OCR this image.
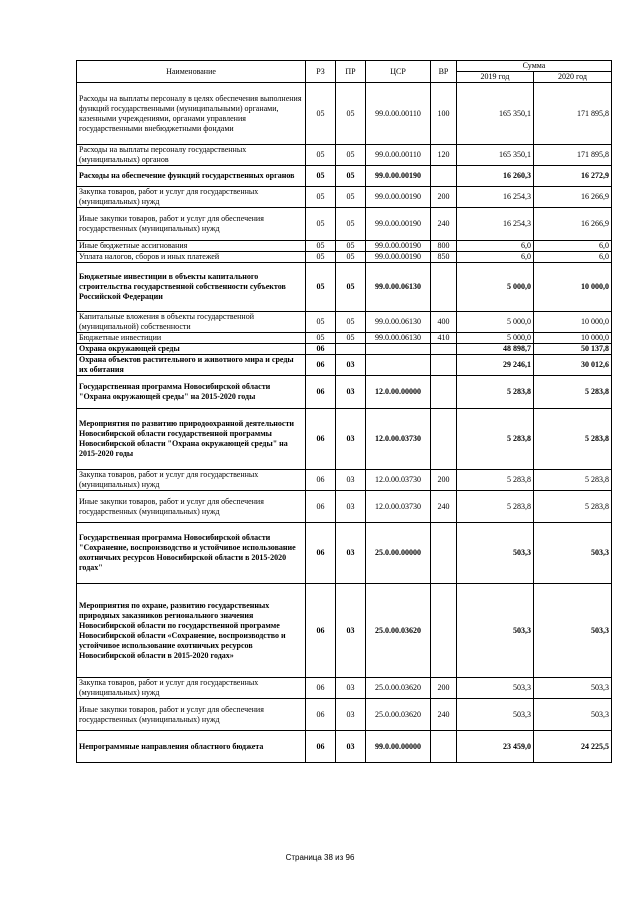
Наименование	РЗ	ПР	ЦСР	ВР	Сумма	
					2019 год	2020 год
Расходы на выплаты персоналу в целях обеспечения выполнения функций государственными (муниципальными) органами, казенными учреждениями, органами управления государственными внебюджетными фондами	05	05	99.0.00.00110	100	165 350,1	171 895,8
Расходы на выплаты персоналу государственных (муниципальных) органов	05	05	99.0.00.00110	120	165 350,1	171 895,8
Расходы на обеспечение функций государственных органов	05	05	99.0.00.00190		16 260,3	16 272,9
Закупка товаров, работ и услуг для государственных (муниципальных) нужд	05	05	99.0.00.00190	200	16 254,3	16 266,9
Иные закупки товаров, работ и услуг для обеспечения государственных (муниципальных) нужд	05	05	99.0.00.00190	240	16 254,3	16 266,9
Иные бюджетные ассигнования	05	05	99.0.00.00190	800	6,0	6,0
Уплата налогов, сборов и иных платежей	05	05	99.0.00.00190	850	6,0	6,0
Бюджетные инвестиции в объекты капитального строительства государственной собственности субъектов Российской Федерации	05	05	99.0.00.06130		5 000,0	10 000,0
Капитальные вложения в объекты государственной (муниципальной) собственности	05	05	99.0.00.06130	400	5 000,0	10 000,0
Бюджетные инвестиции	05	05	99.0.00.06130	410	5 000,0	10 000,0
Охрана окружающей среды	06				48 898,7	50 137,8
Охрана объектов растительного и животного мира и среды их обитания	06	03			29 246,1	30 012,6
Государственная программа Новосибирской области "Охрана окружающей среды" на 2015-2020 годы	06	03	12.0.00.00000		5 283,8	5 283,8
Мероприятия по развитию природоохранной деятельности Новосибирской области государственной программы Новосибирской области "Охрана окружающей среды" на 2015-2020 годы	06	03	12.0.00.03730		5 283,8	5 283,8
Закупка товаров, работ и услуг для государственных (муниципальных) нужд	06	03	12.0.00.03730	200	5 283,8	5 283,8
Иные закупки товаров, работ и услуг для обеспечения государственных (муниципальных) нужд	06	03	12.0.00.03730	240	5 283,8	5 283,8
Государственная программа Новосибирской области "Сохранение, воспроизводство и устойчивое использование охотничьих ресурсов Новосибирской области в 2015-2020 годах"	06	03	25.0.00.00000		503,3	503,3
Мероприятия по охране, развитию государственных природных заказников регионального значения Новосибирской области по государственной программе Новосибирской области «Сохранение, воспроизводство и устойчивое использование охотничьих ресурсов Новосибирской области в 2015-2020 годах»	06	03	25.0.00.03620		503,3	503,3
Закупка товаров, работ и услуг для государственных (муниципальных) нужд	06	03	25.0.00.03620	200	503,3	503,3
Иные закупки товаров, работ и услуг для обеспечения государственных (муниципальных) нужд	06	03	25.0.00.03620	240	503,3	503,3
Непрограммные направления областного бюджета	06	03	99.0.00.00000		23 459,0	24 225,5
Страница 38 из 96
